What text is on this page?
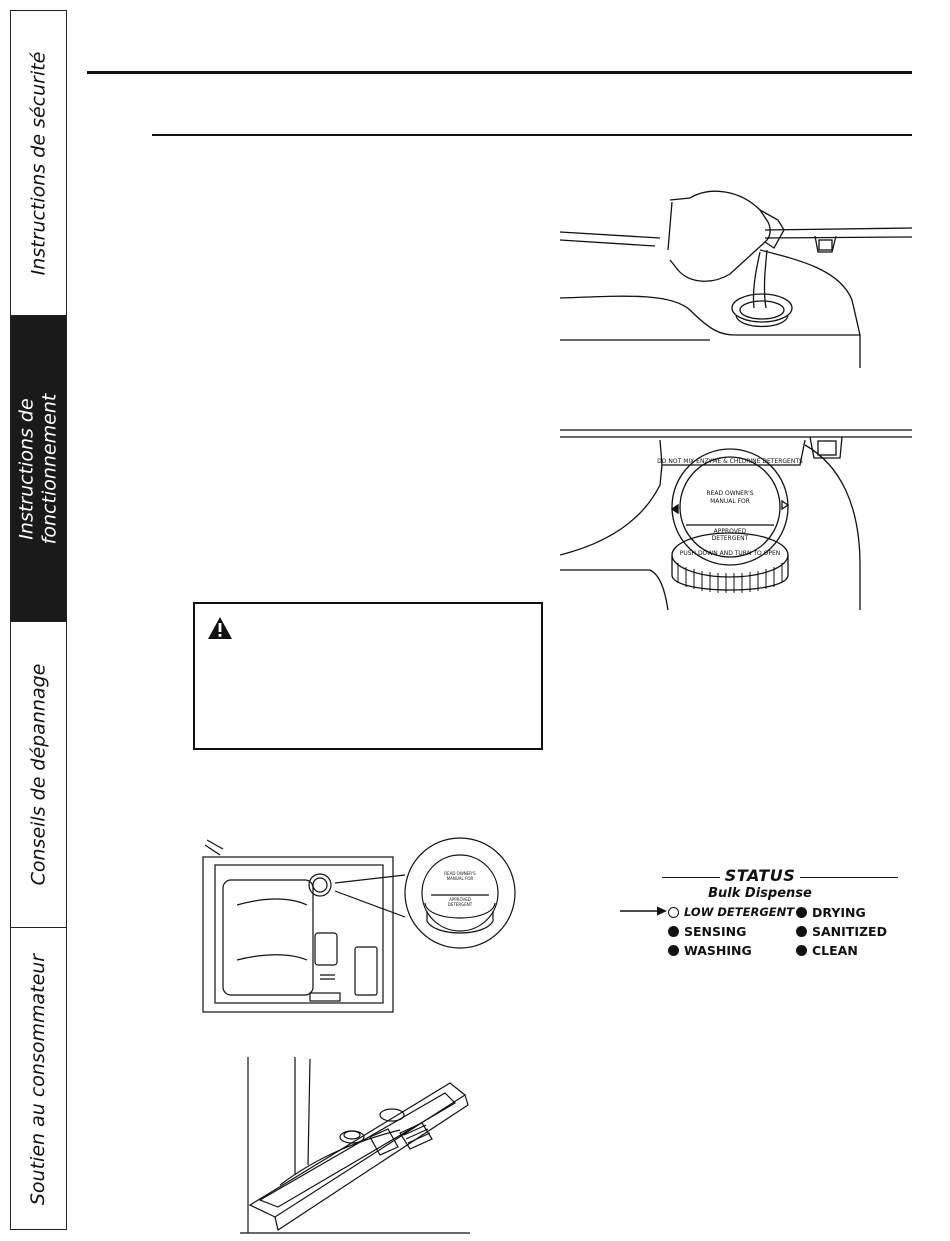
Instructions de sécurité
Instructions de fonctionnement
Conseils de dépannage
Soutien au consommateur
DO NOT MIX ENZYME & CHLORINE DETERGENTS
READ OWNER'S
MANUAL FOR
APPROVED
DETERGENT
PUSH DOWN AND TURN TO OPEN
READ OWNER'S
MANUAL FOR
APPROVED
DETERGENT
STATUS
Bulk Dispense
LOW DETERGENT DRYING
SENSING	SANITIZED
WASHING	CLEAN
